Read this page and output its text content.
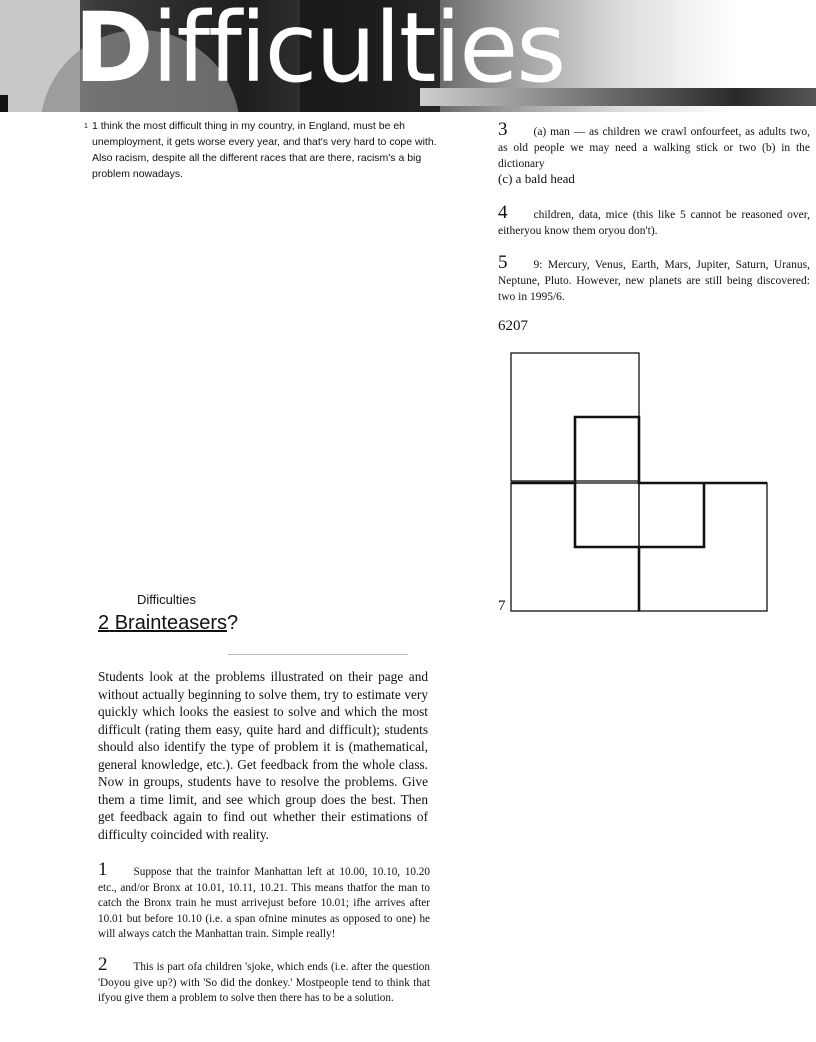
Difficulties
1 1 think the most difficult thing in my country, in England, must be eh unemployment, it gets worse every year, and that's very hard to cope with. Also racism, despite all the different races that are there, racism's a big problem nowadays.
3 (a) man — as children we crawl onfourfeet, as adults two, as old people we may need a walking stick or two (b) in the dictionary
(c) a bald head
4 children, data, mice (this like 5 cannot be reasoned over, eitheryou know them oryou don't).
5 9: Mercury, Venus, Earth, Mars, Jupiter, Saturn, Uranus, Neptune, Pluto. However, new planets are still being discovered: two in 1995/6.
6207
7
Difficulties
2 Brainteasers?
Students look at the problems illustrated on their page and without actually beginning to solve them, try to estimate very quickly which looks the easiest to solve and which the most difficult (rating them easy, quite hard and difficult); students should also identify the type of problem it is (mathematical, general knowledge, etc.). Get feedback from the whole class. Now in groups, students have to resolve the problems. Give them a time limit, and see which group does the best. Then get feedback again to find out whether their estimations of difficulty coincided with reality.
1 Suppose that the trainfor Manhattan left at 10.00, 10.10, 10.20 etc., and/or Bronx at 10.01, 10.11, 10.21. This means thatfor the man to catch the Bronx train he must arrivejust before 10.01; ifhe arrives after 10.01 but before 10.10 (i.e. a span ofnine minutes as opposed to one) he will always catch the Manhattan train. Simple really!
2 This is part ofa children 'sjoke, which ends (i.e. after the question 'Doyou give up?) with 'So did the donkey.' Mostpeople tend to think that ifyou give them a problem to solve then there has to be a solution.
